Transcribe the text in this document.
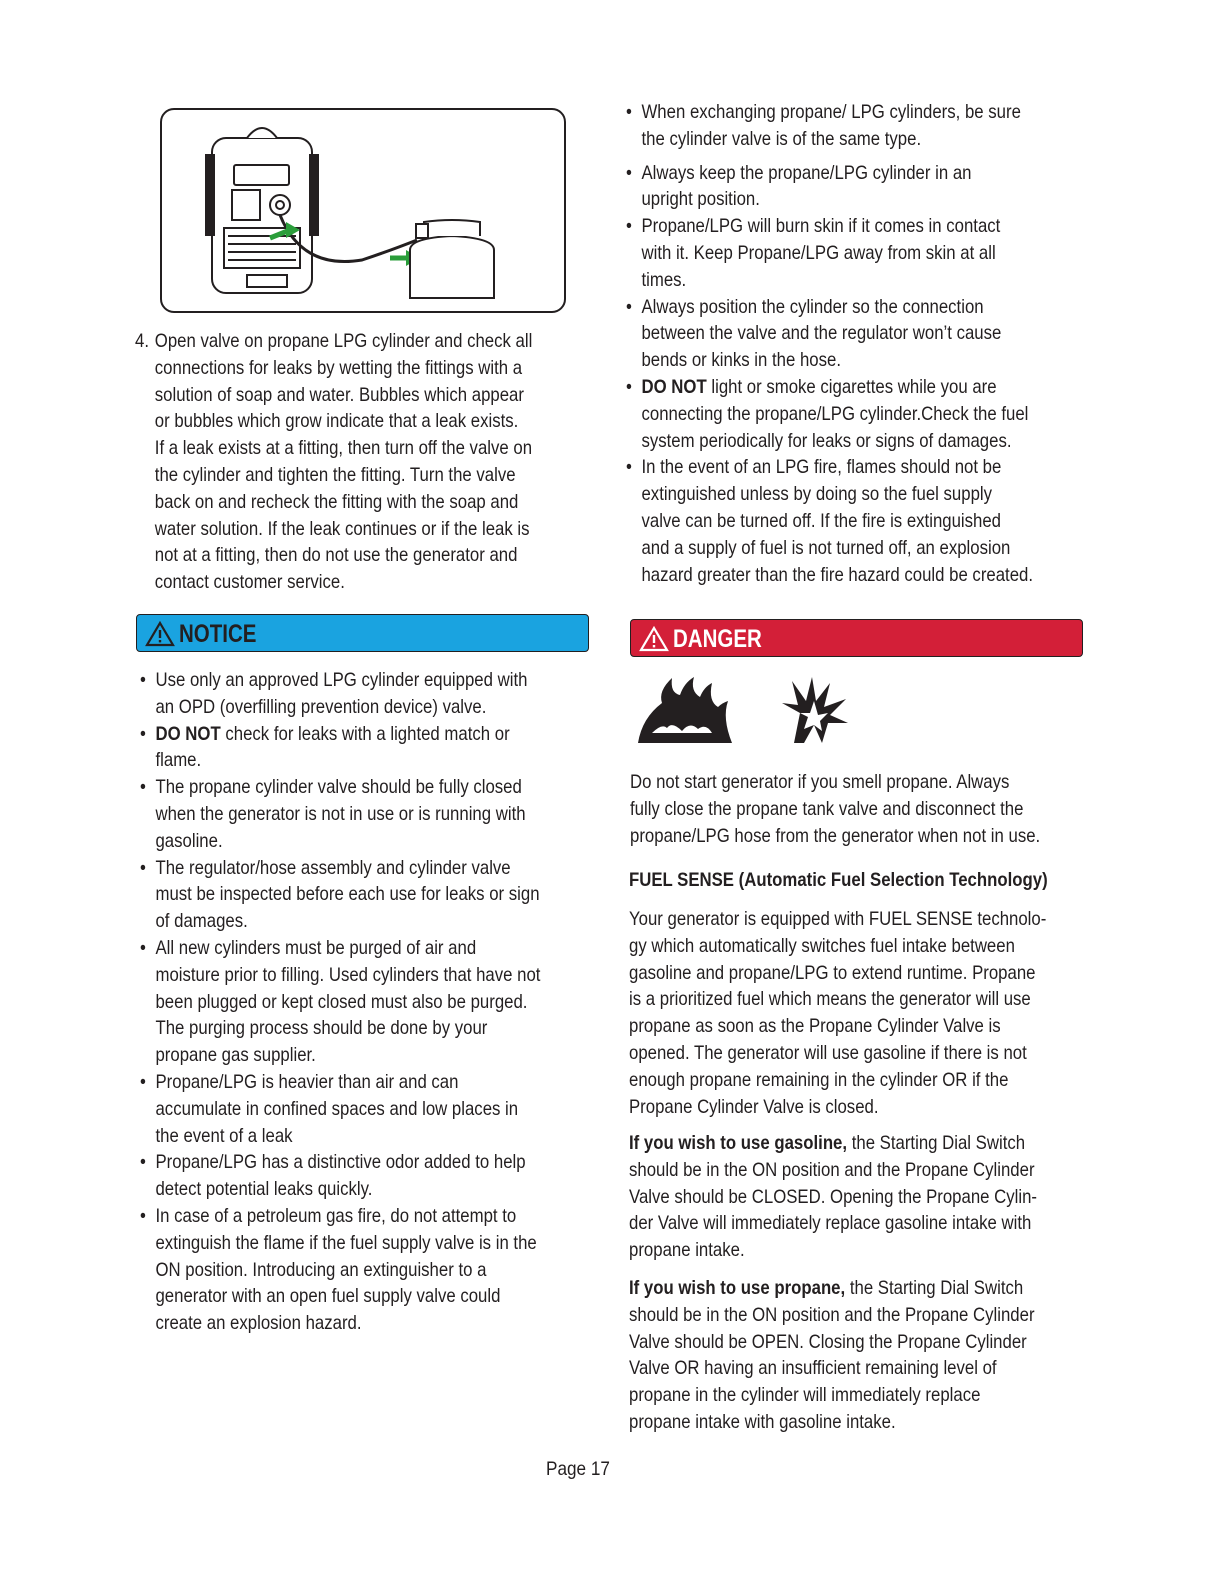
4. Open valve on propane LPG cylinder and check all

connections for leaks by wetting the fittings with a

solution of soap and water. Bubbles which appear

or bubbles which grow indicate that a leak exists.

If a leak exists at a fitting, then turn off the valve on

the cylinder and tighten the fitting. Turn the valve

back on and recheck the fitting with the soap and

water solution. If the leak continues or if the leak is

not at a fitting, then do not use the generator and

contact customer service.

NOTICE
• Use only an approved LPG cylinder equipped with

an OPD (overfilling prevention device) valve.

• DO NOT check for leaks with a lighted match or

flame.

• The propane cylinder valve should be fully closed

when the generator is not in use or is running with

gasoline.

• The regulator/hose assembly and cylinder valve

must be inspected before each use for leaks or sign

of damages.

• All new cylinders must be purged of air and

moisture prior to filling. Used cylinders that have not

been plugged or kept closed must also be purged.

The purging process should be done by your

propane gas supplier.

• Propane/LPG is heavier than air and can

accumulate in confined spaces and low places in

the event of a leak

• Propane/LPG has a distinctive odor added to help

detect potential leaks quickly.

• In case of a petroleum gas fire, do not attempt to

extinguish the flame if the fuel supply valve is in the

ON position. Introducing an extinguisher to a

generator with an open fuel supply valve could

create an explosion hazard.

• When exchanging propane/ LPG cylinders, be sure

the cylinder valve is of the same type.

• Always keep the propane/LPG cylinder in an

upright position.

• Propane/LPG will burn skin if it comes in contact

with it. Keep Propane/LPG away from skin at all

times.

• Always position the cylinder so the connection

between the valve and the regulator won’t cause

bends or kinks in the hose.

• DO NOT light or smoke cigarettes while you are

connecting the propane/LPG cylinder.Check the fuel

system periodically for leaks or signs of damages.

• In the event of an LPG fire, flames should not be

extinguished unless by doing so the fuel supply

valve can be turned off. If the fire is extinguished

and a supply of fuel is not turned off, an explosion

hazard greater than the fire hazard could be created.

DANGER

Do not start generator if you smell propane. Always

fully close the propane tank valve and disconnect the

propane/LPG hose from the generator when not in use.

FUEL SENSE (Automatic Fuel Selection Technology)

Your generator is equipped with FUEL SENSE technolo-

gy which automatically switches fuel intake between

gasoline and propane/LPG to extend runtime. Propane

is a prioritized fuel which means the generator will use

propane as soon as the Propane Cylinder Valve is

opened. The generator will use gasoline if there is not

enough propane remaining in the cylinder OR if the

Propane Cylinder Valve is closed.

If you wish to use gasoline, the Starting Dial Switch

should be in the ON position and the Propane Cylinder

Valve should be CLOSED. Opening the Propane Cylin-

der Valve will immediately replace gasoline intake with

propane intake.

If you wish to use propane, the Starting Dial Switch

should be in the ON position and the Propane Cylinder

Valve should be OPEN. Closing the Propane Cylinder

Valve OR having an insufficient remaining level of

propane in the cylinder will immediately replace

propane intake with gasoline intake.

Page 17
